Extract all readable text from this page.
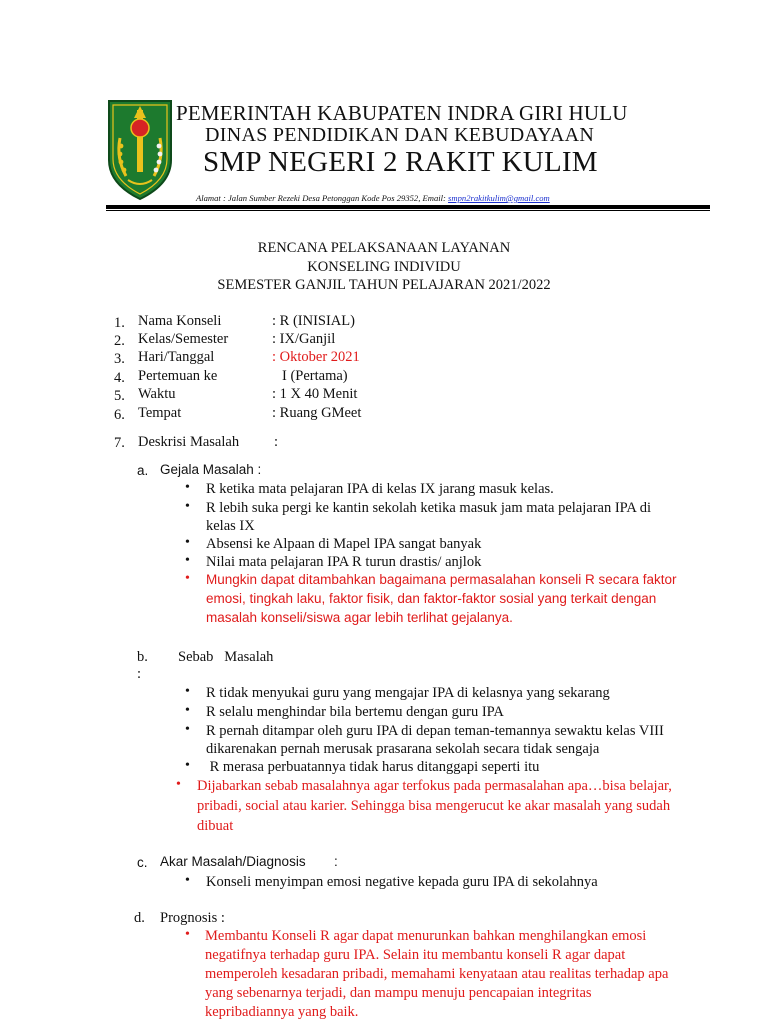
PEMERINTAH KABUPATEN INDRA GIRI HULU
DINAS PENDIDIKAN DAN KEBUDAYAAN
SMP NEGERI 2 RAKIT KULIM
Alamat : Jalan Sumber Rezeki Desa Petonggan Kode Pos 29352, Email: smpn2rakitkulim@gmail.com
RENCANA PELAKSANAAN LAYANAN
KONSELING INDIVIDU
SEMESTER GANJIL TAHUN PELAJARAN 2021/2022
1. Nama Konseli	: R (INISIAL)
2. Kelas/Semester	: IX/Ganjil
3. Hari/Tanggal	: Oktober 2021
4. Pertemuan ke	I (Pertama)
5. Waktu	: 1 X 40 Menit
6. Tempat	: Ruang GMeet
7. Deskrisi Masalah :
a. Gejala Masalah :
• R ketika mata pelajaran IPA di kelas IX jarang masuk kelas.
• R lebih suka pergi ke kantin sekolah ketika masuk jam mata pelajaran IPA di
kelas IX
• Absensi ke Alpaan di Mapel IPA sangat banyak
• Nilai mata pelajaran IPA R turun drastis/ anjlok
• Mungkin dapat ditambahkan bagaimana permasalahan konseli R secara faktor
emosi, tingkah laku, faktor fisik, dan faktor-faktor sosial yang terkait dengan
masalah konseli/siswa agar lebih terlihat gejalanya.
b. Sebab   Masalah
:
• R tidak menyukai guru yang mengajar IPA di kelasnya yang sekarang
• R selalu menghindar bila bertemu dengan guru IPA
• R pernah ditampar oleh guru IPA di depan teman-temannya sewaktu kelas VIII
dikarenakan pernah merusak prasarana sekolah secara tidak sengaja
• R merasa perbuatannya tidak harus ditanggapi seperti itu
• Dijabarkan sebab masalahnya agar terfokus pada permasalahan apa…bisa belajar,
pribadi, social atau karier. Sehingga bisa mengerucut ke akar masalah yang sudah
dibuat
c. Akar Masalah/Diagnosis :
• Konseli menyimpan emosi negative kepada guru IPA di sekolahnya
d. Prognosis :
• Membantu Konseli R agar dapat menurunkan bahkan menghilangkan emosi
negatifnya terhadap guru IPA. Selain itu membantu konseli R agar dapat
memperoleh kesadaran pribadi, memahami kenyataan atau realitas terhadap apa
yang sebenarnya terjadi, dan mampu menuju pencapaian integritas
kepribadiannya yang baik.
